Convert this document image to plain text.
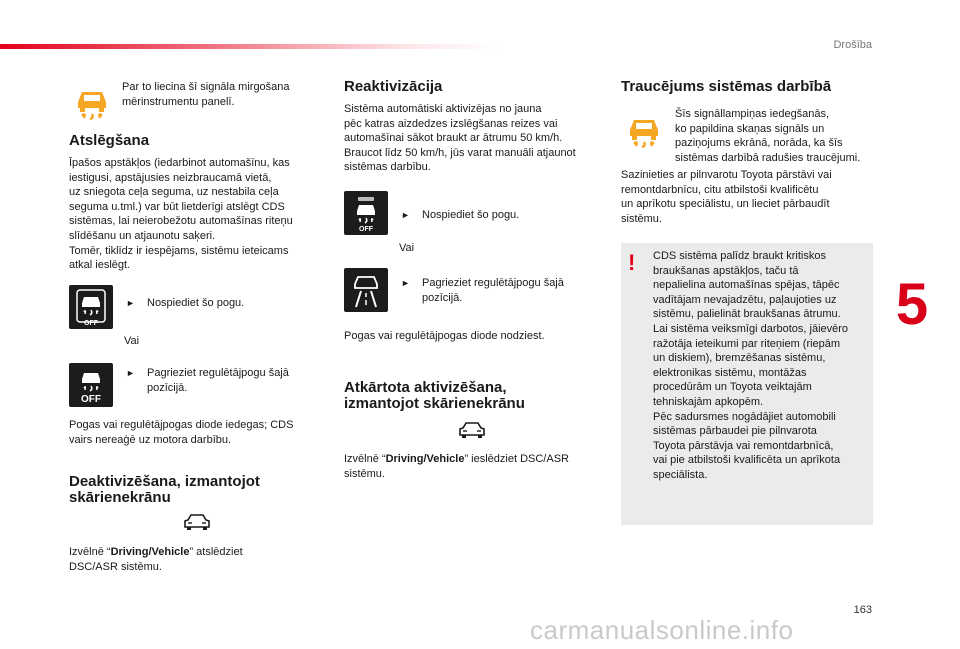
Drošība
5
163
carmanualsonline.info
Par to liecina šī signāla mirgošana
mērinstrumentu panelī.
Atslēgšana
Īpašos apstākļos (iedarbinot automašīnu, kas
iestigusi, apstājusies neizbraucamā vietā,
uz sniegota ceļa seguma, uz nestabila ceļa
seguma u.tml.) var būt lietderīgi atslēgt CDS
sistēmas, lai neierobežotu automašīnas riteņu
slīdēšanu un atjaunotu saķeri.
Tomēr, tiklīdz ir iespējams, sistēmu ieteicams
atkal ieslēgt.
OFF
► Nospiediet šo pogu.
Vai
OFF
► Pagrieziet regulētājpogu šajā
pozīcijā.
Pogas vai regulētājpogas diode iedegas; CDS
vairs nereaģē uz motora darbību.
Deaktivizēšana, izmantojot
skārienekrānu
Izvēlnē “Driving/Vehicle” atslēdziet
DSC/ASR sistēmu.
Reaktivizācija
Sistēma automātiski aktivizējas no jauna
pēc katras aizdedzes izslēgšanas reizes vai
automašīnai sākot braukt ar ātrumu 50 km/h.
Braucot līdz 50 km/h, jūs varat manuāli atjaunot
sistēmas darbību.
OFF
► Nospiediet šo pogu.
Vai
► Pagrieziet regulētājpogu šajā
pozīcijā.
Pogas vai regulētājpogas diode nodziest.
Atkārtota aktivizēšana,
izmantojot skārienekrānu
Izvēlnē “Driving/Vehicle” ieslēdziet DSC/ASR
sistēmu.
Traucējums sistēmas darbībā
Šīs signāllampiņas iedegšanās,
ko papildina skaņas signāls un
paziņojums ekrānā, norāda, ka šīs
sistēmas darbībā radušies traucējumi.
Sazinieties ar pilnvarotu Toyota pārstāvi vai
remontdarbnīcu, citu atbilstoši kvalificētu
un aprīkotu speciālistu, un lieciet pārbaudīt
sistēmu.
! CDS sistēma palīdz braukt kritiskos
braukšanas apstākļos, taču tā
nepalielina automašīnas spējas, tāpēc
vadītājam nevajadzētu, paļaujoties uz
sistēmu, palielināt braukšanas ātrumu.
Lai sistēma veiksmīgi darbotos, jāievēro
ražotāja ieteikumi par riteņiem (riepām
un diskiem), bremzēšanas sistēmu,
elektronikas sistēmu, montāžas
procedūrām un Toyota veiktajām
tehniskajām apkopēm.
Pēc sadursmes nogādājiet automobili
sistēmas pārbaudei pie pilnvarota
Toyota pārstāvja vai remontdarbnīcā,
vai pie atbilstoši kvalificēta un aprīkota
speciālista.
